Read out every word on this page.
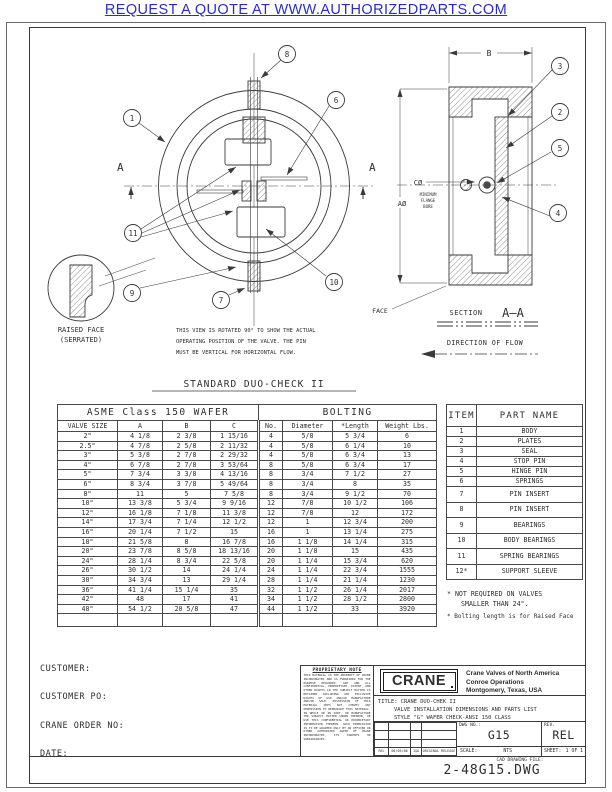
REQUEST A QUOTE AT WWW.AUTHORIZEDPARTS.COM
A	A
1
8
6
11
9
7
10
RAISED FACE
(SERRATED)
THIS VIEW IS ROTATED 90° TO SHOW THE ACTUAL
OPERATING POSITION OF THE VALVE. THE PIN
MUST BE VERTICAL FOR HORIZONTAL FLOW.
STANDARD DUO-CHECK II
B
AØ
CØ
MINIMUM
FLANGE
BORE
3
2
5
4
FACE	SECTION A—A
DIRECTION OF FLOW
ASME Class 150 WAFER				BOLTING			
VALVE SIZE	A	B	C	No.	Diameter	*Length	Weight Lbs.
2"	4 1/8	2 3/8	1 15/16	4	5/8	5 3/4	6
2.5"	4 7/8	2 5/8	2 11/32	4	5/8	6 1/4	10
3"	5 3/8	2 7/8	2 29/32	4	5/8	6 3/4	13
4"	6 7/8	2 7/8	3 53/64	8	5/8	6 3/4	17
5"	7 3/4	3 3/8	4 13/16	8	3/4	7 1/2	27
6"	8 3/4	3 7/8	5 49/64	8	3/4	8	35
8"	11	5	7 5/8	8	3/4	9 1/2	70
10"	13 3/8	5 3/4	9 9/16	12	7/8	10 1/2	106
12"	16 1/8	7 1/8	11 3/8	12	7/8	12	172
14"	17 3/4	7 1/4	12 1/2	12	1	12 3/4	200
16"	20 1/4	7 1/2	15	16	1	13 1/4	275
18"	21 5/8	8	16 7/8	16	1 1/8	14 1/4	315
20"	23 7/8	8 5/8	18 13/16	20	1 1/8	15	435
24"	28 1/4	8 3/4	22 5/8	20	1 1/4	15 3/4	620
26"	30 1/2	14	24 1/4	24	1 1/4	22 3/4	1555
30"	34 3/4	13	29 1/4	28	1 1/4	21 1/4	1230
36"	41 1/4	15 1/4	35	32	1 1/2	26 1/4	2017
42"	48	17	41	34	1 1/2	28 1/2	2800
48"	54 1/2	20 5/8	47	44	1 1/2	33	3920

ITEM	PART NAME
1	BODY
2	PLATES
3	SEAL
4	STOP PIN
5	HINGE PIN
6	SPRINGS
7	PIN INSERT
8	PIN INSERT
9	BEARINGS
10	BODY BEARINGS
11	SPRING BEARINGS
12*	SUPPORT SLEEVE
* NOT REQUIRED ON VALVES
SMALLER THAN 24".
* Bolting length is for Raised Face
CUSTOMER:
CUSTOMER PO:
CRANE ORDER NO:
DATE:
PROPRIETARY NOTE

THIS MATERIAL IS THE PROPERTY OF CRANE INCORPORATED AND IS FURNISHED FOR THE PURPOSE REQUIRED. ANY AND ALL CONFIDENTIAL, PROPRIETARY, PATENT, AND OTHER RIGHTS IN THE SUBJECT MATTER IS RETAINED INCLUDING ANY EXCLUSIVE RIGHTS OF USE AND/OR MANUFACTURE AND/OR SALE. POSSESSION OF THIS MATERIAL DOES NOT CONVEY ANY PERMISSION TO REPRODUCE THIS MATERIAL, IN WHOLE OR IN PART, OR MANUFACTURE THE SUBJECT MATTER SHOWN THEREON, OR USE THIS CONFIDENTIAL OR PROPRIETARY INFORMATION THEREON. SUCH PERMISSION IS TO BE GRANTED ONLY BY AN OFFICER OR OTHER AUTHORIZED AGENT OF CRANE INCORPORATED, ITS PARENTS OR SUBSIDIARIES.

CRANE	Crane Valves of North America
Conroe Operations
Montgomery, Texas, USA
TITLE: CRANE DUO-CHEK II
VALVE INSTALLATION DIMENSIONS AND PARTS LIST
STYLE "G" WAFER CHECK-ANSI 150 CLASS

REL	06/05/06	JGA	ORIGINAL RELEASE
DWG NO.:
G15
REV.
REL
SCALE:	NTS	SHEET: 1 OF 1
CAD DRAWING FILE:
2-48G15.DWG
